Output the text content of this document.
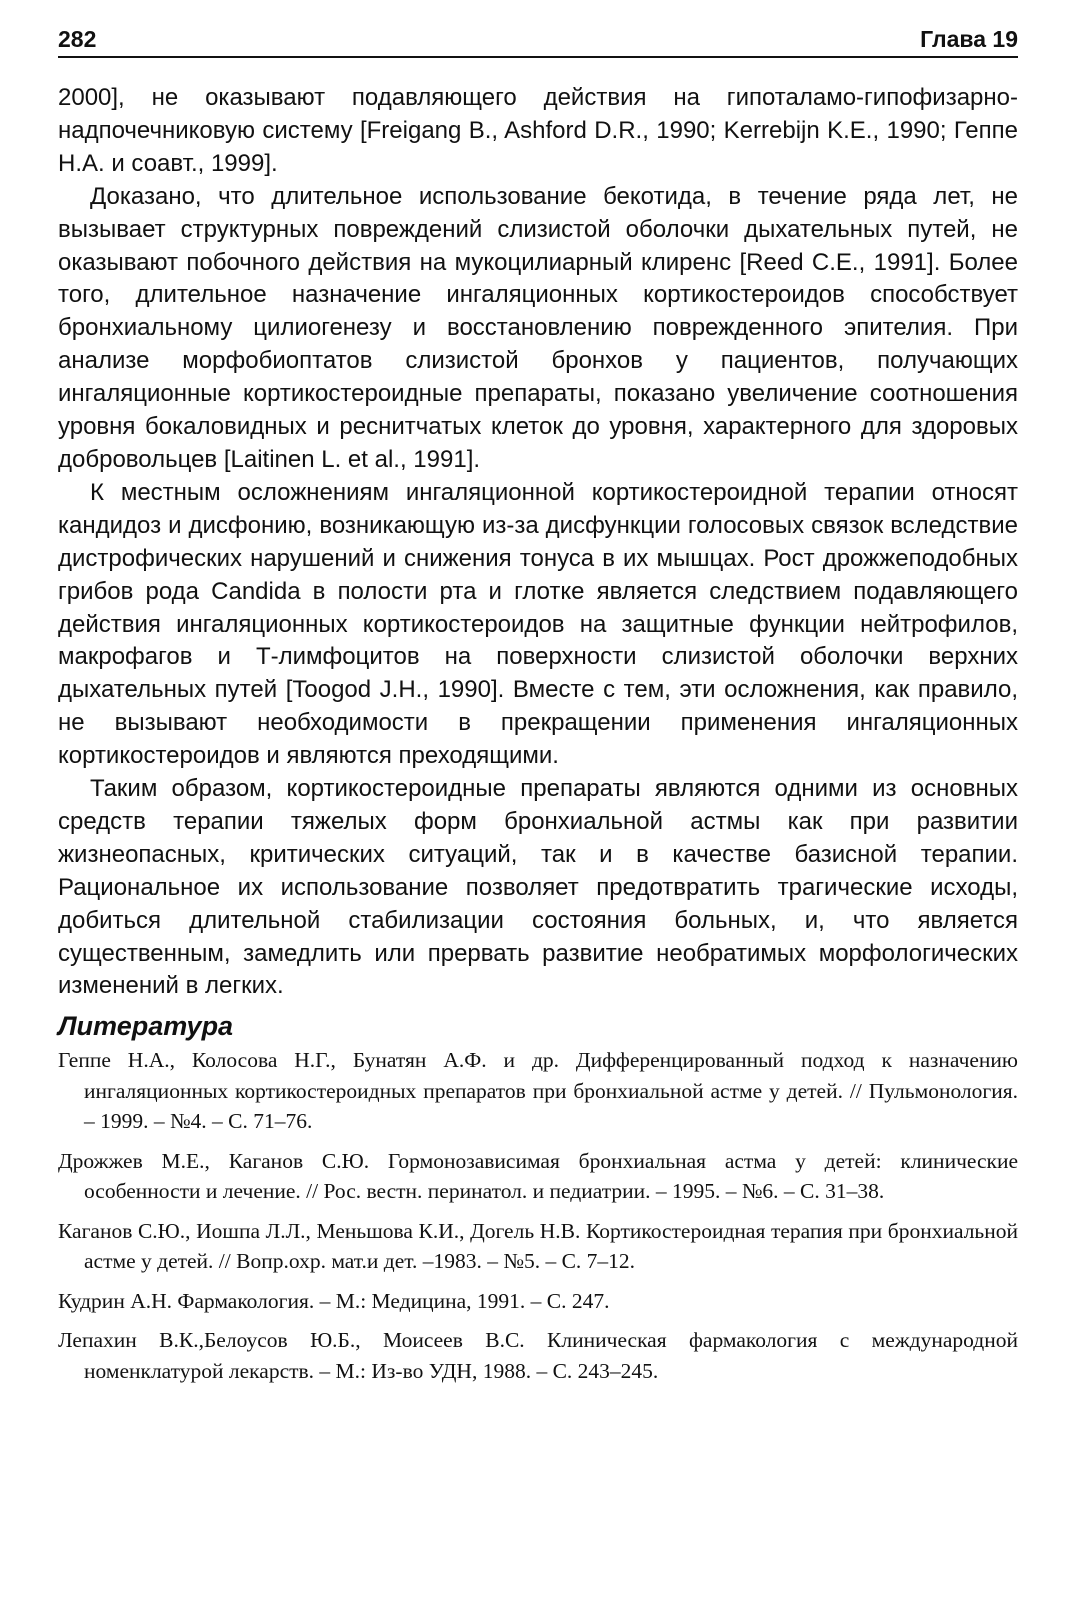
282	Глава 19

2000], не оказывают подавляющего действия на гипоталамо-гипофизарно-надпочечниковую систему [Freigang B., Ashford D.R., 1990; Kerrebijn K.E., 1990; Геппе Н.А. и соавт., 1999].

Доказано, что длительное использование бекотида, в течение ряда лет, не вызывает структурных повреждений слизистой оболочки дыхательных путей, не оказывают побочного действия на мукоцилиарный клиренс [Reed C.E., 1991]. Более того, длительное назначение ингаляционных кортикостероидов способствует бронхиальному цилиогенезу и восстановлению поврежденного эпителия. При анализе морфобиоптатов слизистой бронхов у пациентов, получающих ингаляционные кортикостероидные препараты, показано увеличение соотношения уровня бокаловидных и реснитчатых клеток до уровня, характерного для здоровых добровольцев [Laitinen L. et al., 1991].

К местным осложнениям ингаляционной кортикостероидной терапии относят кандидоз и дисфонию, возникающую из-за дисфункции голосовых связок вследствие дистрофических нарушений и снижения тонуса в их мышцах. Рост дрожжеподобных грибов рода Candida в полости рта и глотке является следствием подавляющего действия ингаляционных кортикостероидов на защитные функции нейтрофилов, макрофагов и Т-лимфоцитов на поверхности слизистой оболочки верхних дыхательных путей [Toogod J.H., 1990]. Вместе с тем, эти осложнения, как правило, не вызывают необходимости в прекращении применения ингаляционных кортикостероидов и являются преходящими.

Таким образом, кортикостероидные препараты являются одними из основных средств терапии тяжелых форм бронхиальной астмы как при развитии жизнеопасных, критических ситуаций, так и в качестве базисной терапии. Рациональное их использование позволяет предотвратить трагические исходы, добиться длительной стабилизации состояния больных, и, что является существенным, замедлить или прервать развитие необратимых морфологических изменений в легких.

Литература

Геппе Н.А., Колосова Н.Г., Бунатян А.Ф. и др. Дифференцированный подход к назначению ингаляционных кортикостероидных препаратов при бронхиальной астме у детей. // Пульмонология. – 1999. – №4. – С. 71–76.

Дрожжев М.Е., Каганов С.Ю. Гормонозависимая бронхиальная астма у детей: клинические особенности и лечение. // Рос. вестн. перинатол. и педиатрии. – 1995. – №6. – С. 31–38.

Каганов С.Ю., Иошпа Л.Л., Меньшова К.И., Догель Н.В. Кортикостероидная терапия при бронхиальной астме у детей. // Вопр.охр. мат.и дет. –1983. – №5. – С. 7–12.

Кудрин А.Н. Фармакология. – М.: Медицина, 1991. – С. 247.

Лепахин В.К.,Белоусов Ю.Б., Моисеев В.С. Клиническая фармакология с международной номенклатурой лекарств. – М.: Из-во УДН, 1988. – С. 243–245.
